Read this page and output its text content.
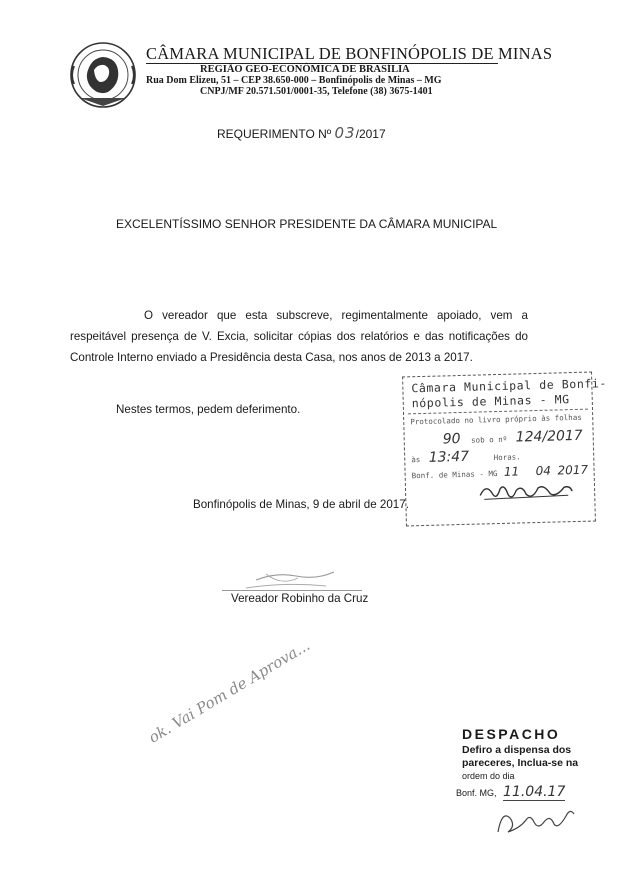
CÂMARA MUNICIPAL DE BONFINÓPOLIS DE MINAS
REGIÃO GEO-ECONÔMICA DE BRASÍLIA
Rua Dom Elizeu, 51 – CEP 38.650-000 – Bonfinópolis de Minas – MG
CNPJ/MF 20.571.501/0001-35, Telefone (38) 3675-1401
REQUERIMENTO Nº 03/2017
EXCELENTÍSSIMO SENHOR PRESIDENTE DA CÂMARA MUNICIPAL
O vereador que esta subscreve, regimentalmente apoiado, vem a respeitável presença de V. Excia, solicitar cópias dos relatórios e das notificações do Controle Interno enviado a Presidência desta Casa, nos anos de 2013 a 2017.
Nestes termos, pedem deferimento.
Câmara Municipal de Bonfi-
nópolis de Minas - MG
Protocolado no livro próprio às folhas
90 sob o nº 124/2017
às 13:47	Horas.
Bonf. de Minas - MG 11 04 2017
Bonfinópolis de Minas, 9 de abril de 2017.
Vereador Robinho da Cruz
ok. Vai Pom de Aprova...	DESPACHO
Defiro a dispensa dos
pareceres, Inclua-se na
ordem do dia
Bonf. MG, 11.04.17
